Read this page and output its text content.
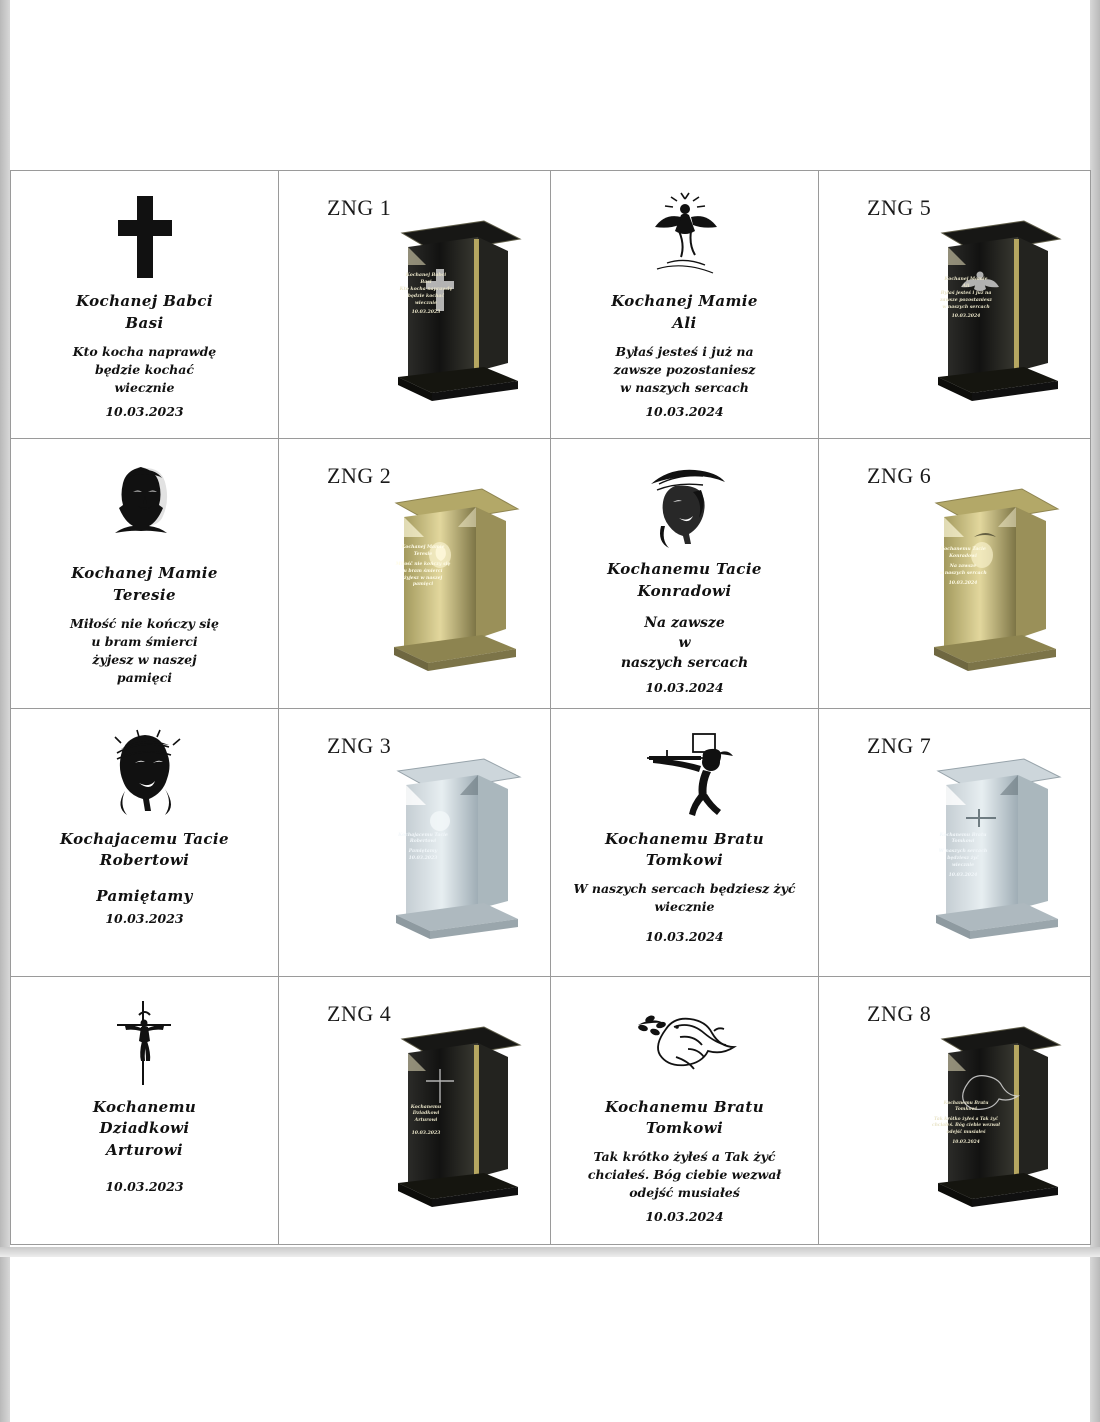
Kochanej Babci
Basi
Kto kocha naprawdę
będzie kochać
wiecznie
10.03.2023

ZNG 1
Kochanej Babci
Basi
Kto kocha naprawdę
będzie kochać
wiecznie
10.03.2023

Kochanej Mamie
Ali
Byłaś jesteś i już na
zawsze pozostaniesz
w naszych sercach
10.03.2024

ZNG 5
Kochanej Mamie
Ali
Byłaś jesteś i już na
zawsze pozostaniesz
w naszych sercach
10.03.2024

Kochanej Mamie
Teresie
Miłość nie kończy się
u bram śmierci
żyjesz w naszej
pamięci

ZNG 2
Kochanej Mamie
Teresie
Miłość nie kończy się
u bram śmierci
żyjesz w naszej
pamięci

Kochanemu Tacie
Konradowi
Na zawsze
w
naszych sercach
10.03.2024

ZNG 6
Kochanemu Tacie
Konradowi
Na zawsze
w naszych sercach
10.03.2024

Kochajacemu Tacie
Robertowi
Pamiętamy
10.03.2023

ZNG 3
Kochajacemu Tacie
Robertowi
Pamiętamy
10.03.2023

Kochanemu Bratu
Tomkowi
W naszych sercach będziesz żyć
wiecznie
10.03.2024

ZNG 7
Kochanemu Bratu
Tomkowi
W naszych sercach będziesz żyć
wiecznie
10.03.2024

Kochanemu
Dziadkowi
Arturowi
10.03.2023

ZNG 4
Kochanemu
Dziadkowi
Arturowi
10.03.2023

Kochanemu Bratu
Tomkowi
Tak krótko żyłeś a Tak żyć
chciałeś. Bóg ciebie wezwał
odejść musiałeś
10.03.2024

ZNG 8
Kochanemu Bratu
Tomkowi
Tak krótko żyłeś a Tak żyć
chciałeś. Bóg ciebie wezwał
odejść musiałeś
10.03.2024
